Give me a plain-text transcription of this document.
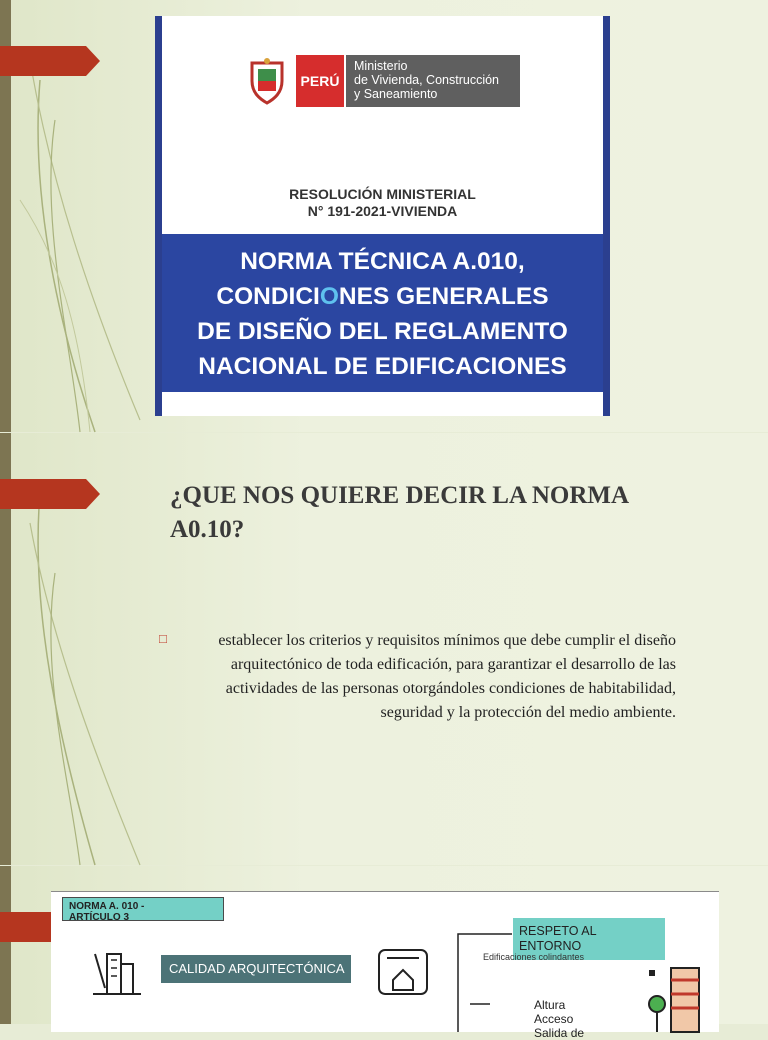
PERÚ
Ministerio
de Vivienda, Construcción
y Saneamiento
RESOLUCIÓN MINISTERIAL
N° 191-2021-VIVIENDA
NORMA TÉCNICA A.010,
CONDICIONES GENERALES
DE DISEÑO DEL REGLAMENTO
NACIONAL DE EDIFICACIONES
¿QUE NOS QUIERE DECIR LA NORMA
A0.10?
□	establecer los criterios y requisitos mínimos que debe cumplir el diseño arquitectónico de toda edificación, para garantizar el desarrollo de las actividades de las personas otorgándoles condiciones de habitabilidad, seguridad y la protección del medio ambiente.
NORMA A. 010 -
ARTÍCULO 3
CALIDAD ARQUITECTÓNICA
RESPETO AL
ENTORNO
Edificaciones colindantes
Altura
Acceso
Salida de
